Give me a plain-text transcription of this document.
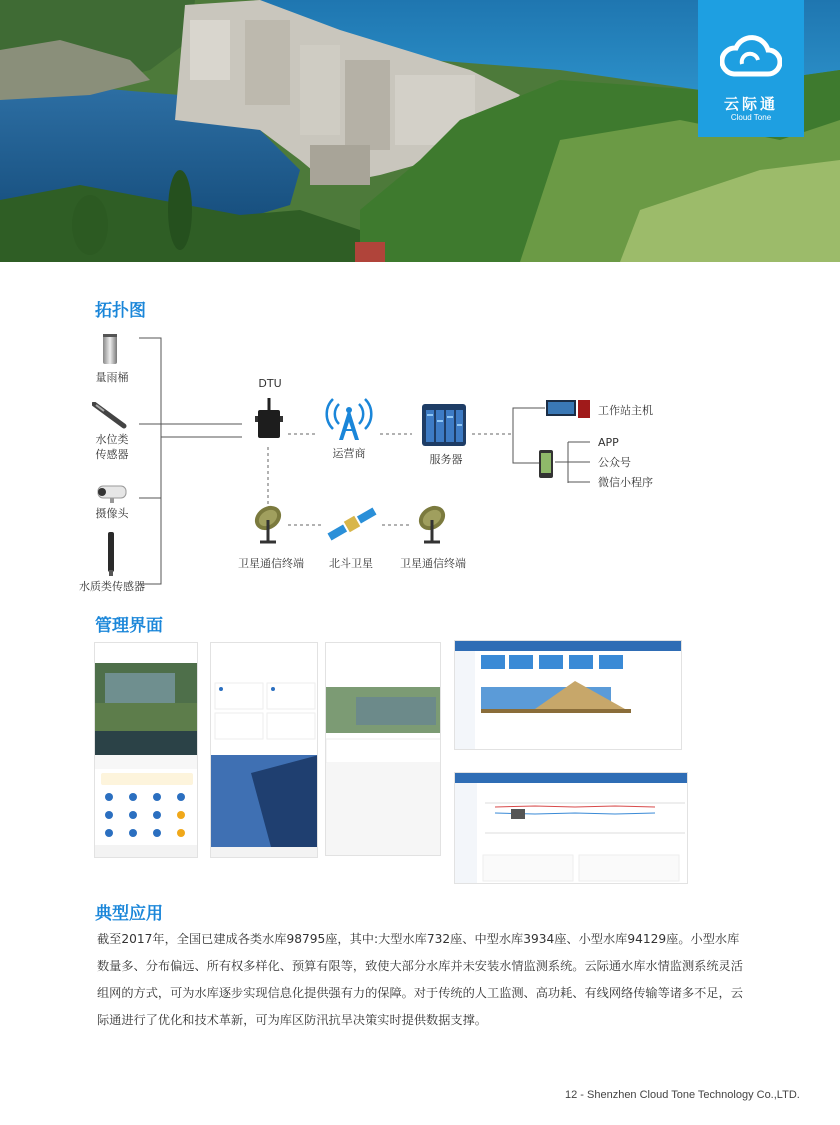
云际通
Cloud Tone
拓扑图
量雨桶
水位类
传感器
摄像头
水质类传感器
DTU
运营商	服务器
工作站主机
APP
公众号
微信小程序
卫星通信终端	北斗卫星	卫星通信终端
管理界面
典型应用
截至2017年，全国已建成各类水库98795座，其中:大型水库732座、中型水库3934座、小型水库94129座。小型水库数量多、分布偏远、所有权多样化、预算有限等，致使大部分水库并未安装水情监测系统。云际通水库水情监测系统灵活组网的方式，可为水库逐步实现信息化提供强有力的保障。对于传统的人工监测、高功耗、有线网络传输等诸多不足，云际通进行了优化和技术革新，可为库区防汛抗旱决策实时提供数据支撑。
12 - Shenzhen Cloud Tone Technology Co.,LTD.
